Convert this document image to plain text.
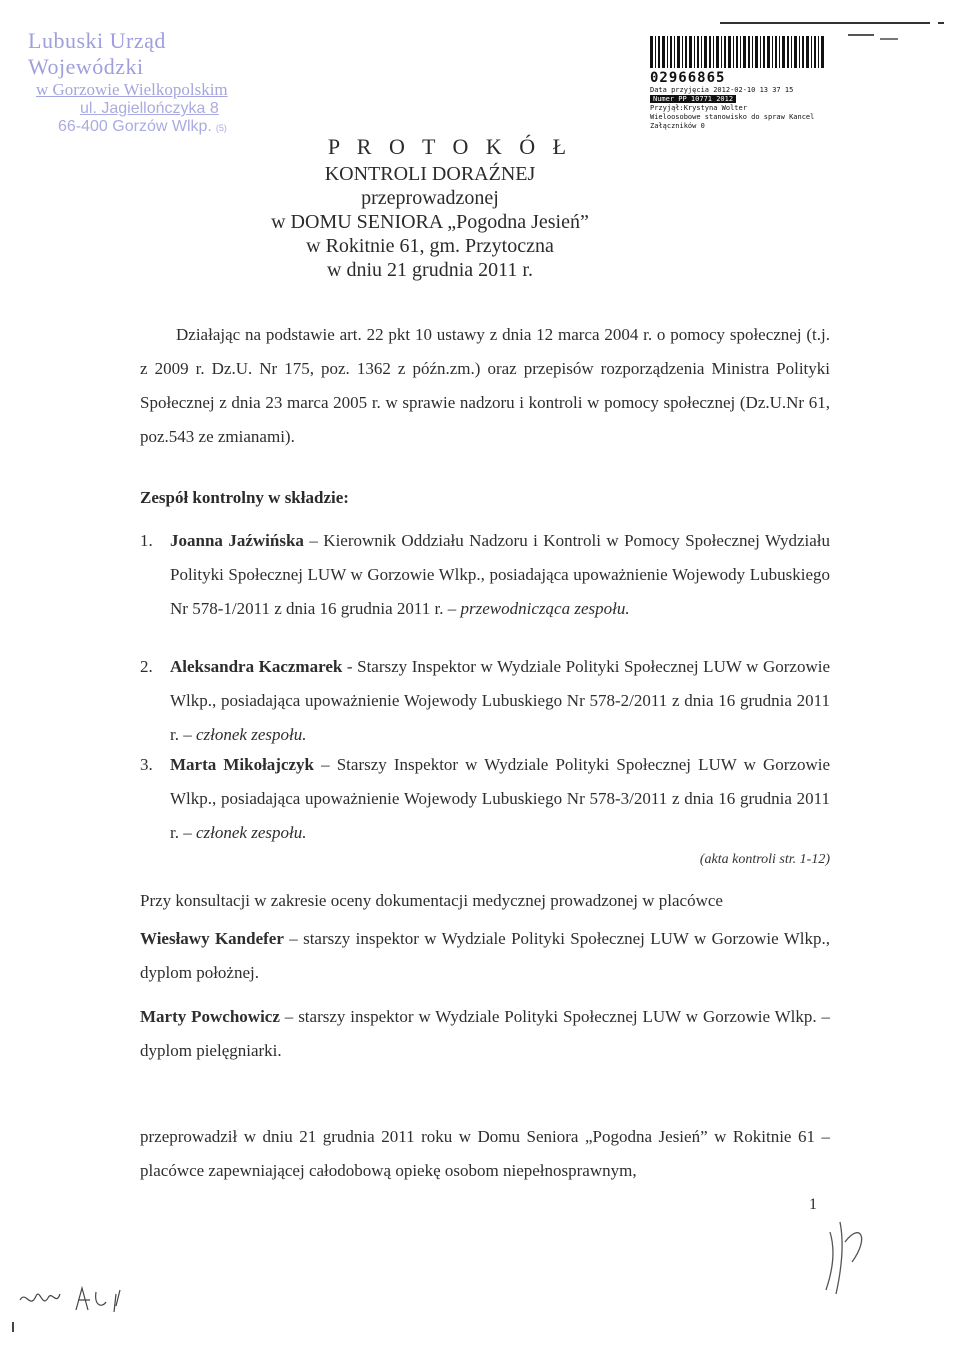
Lubuski Urząd Wojewódzki
w Gorzowie Wielkopolskim
ul. Jagiellończyka 8
66-400 Gorzów Wlkp. (5)
02966865
Data przyjęcia 2012-02-10 13 37 15
Numer PP 10771 2012
Przyjął:Krystyna Wolter
Wieloosobowe stanowisko do spraw Kancel
Załączników 0
P R O T O K Ó Ł
KONTROLI DORAŹNEJ
przeprowadzonej
w DOMU SENIORA „Pogodna Jesień”
w Rokitnie 61, gm. Przytoczna
w dniu 21 grudnia 2011 r.
Działając na podstawie art. 22 pkt 10 ustawy z dnia 12 marca 2004 r. o pomocy społecznej (t.j. z 2009 r. Dz.U. Nr 175, poz. 1362 z późn.zm.) oraz przepisów rozporządzenia Ministra Polityki Społecznej z dnia 23 marca 2005 r. w sprawie nadzoru i kontroli w pomocy społecznej (Dz.U.Nr 61, poz.543 ze zmianami).
Zespół kontrolny w składzie:
1. Joanna Jaźwińska – Kierownik Oddziału Nadzoru i Kontroli w Pomocy Społecznej Wydziału Polityki Społecznej LUW w Gorzowie Wlkp., posiadająca upoważnienie Wojewody Lubuskiego Nr 578-1/2011 z dnia 16 grudnia 2011 r. – przewodnicząca zespołu.
2. Aleksandra Kaczmarek - Starszy Inspektor w Wydziale Polityki Społecznej LUW w Gorzowie Wlkp., posiadająca upoważnienie Wojewody Lubuskiego Nr 578-2/2011 z dnia 16 grudnia 2011 r. – członek zespołu.
3. Marta Mikołajczyk – Starszy Inspektor w Wydziale Polityki Społecznej LUW w Gorzowie Wlkp., posiadająca upoważnienie Wojewody Lubuskiego Nr 578-3/2011 z dnia 16 grudnia 2011 r. – członek zespołu.
(akta kontroli str. 1-12)
Przy konsultacji w zakresie oceny dokumentacji medycznej prowadzonej w placówce
Wiesławy Kandefer – starszy inspektor w Wydziale Polityki Społecznej LUW w Gorzowie Wlkp., dyplom położnej.
Marty Powchowicz – starszy inspektor w Wydziale Polityki Społecznej LUW w Gorzowie Wlkp. – dyplom pielęgniarki.
przeprowadził w dniu 21 grudnia 2011 roku w Domu Seniora „Pogodna Jesień” w Rokitnie 61 – placówce zapewniającej całodobową opiekę osobom niepełnosprawnym,
1
